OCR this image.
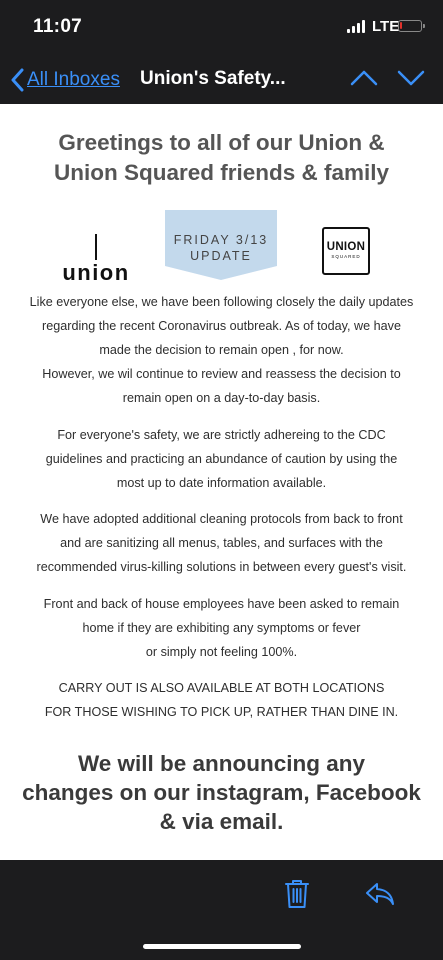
11:07	LTE
All Inboxes Union's Safety...
Greetings to all of our Union &
Union Squared friends & family
union
FRIDAY 3/13
UPDATE
UNION
SQUARED
Like everyone else, we have been following closely the daily updates
regarding the recent Coronavirus outbreak. As of today, we have
made the decision to remain open , for now.
However, we wil continue to review and reassess the decision to
remain open on a day-to-day basis.
For everyone's safety, we are strictly adhereing to the CDC
guidelines and practicing an abundance of caution by using the
most up to date information available.
We have adopted additional cleaning protocols from back to front
and are sanitizing all menus, tables, and surfaces with the
recommended virus-killing solutions in between every guest's visit.
Front and back of house employees have been asked to remain
home if they are exhibiting any symptoms or fever
or simply not feeling 100%.
CARRY OUT IS ALSO AVAILABLE AT BOTH LOCATIONS
FOR THOSE WISHING TO PICK UP, RATHER THAN DINE IN.
We will be announcing any
changes on our instagram, Facebook
& via email.
